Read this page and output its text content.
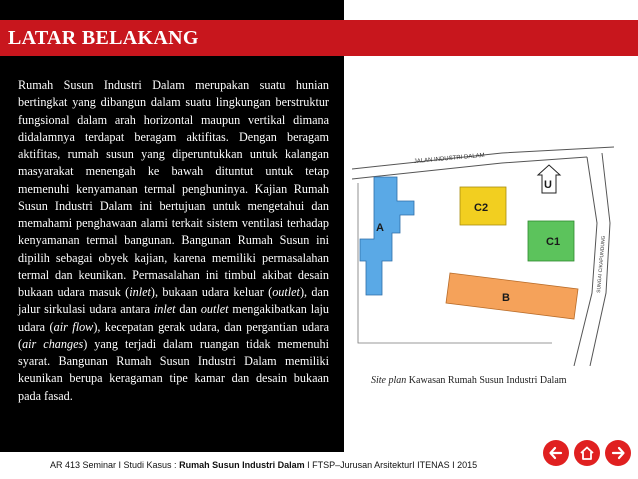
LATAR BELAKANG
Rumah Susun Industri Dalam merupakan suatu hunian bertingkat yang dibangun dalam suatu lingkungan berstruktur fungsional dalam arah horizontal maupun vertikal dimana didalamnya terdapat beragam aktifitas. Dengan beragam aktifitas, rumah susun yang diperuntukkan untuk kalangan masyarakat menengah ke bawah dituntut untuk tetap memenuhi kenyamanan termal penghuninya. Kajian Rumah Susun Industri Dalam ini bertujuan untuk mengetahui dan memahami penghawaan alami terkait sistem ventilasi terhadap kenyamanan termal bangunan. Bangunan Rumah Susun ini dipilih sebagai obyek kajian, karena memiliki permasalahan termal dan keunikan. Permasalahan ini timbul akibat desain bukaan udara masuk (inlet), bukaan udara keluar (outlet), dan jalur sirkulasi udara antara inlet dan outlet mengakibatkan laju udara (air flow), kecepatan gerak udara, dan pergantian udara (air changes) yang terjadi dalam ruangan tidak memenuhi syarat. Bangunan Rumah Susun Industri Dalam memiliki keunikan berupa keragaman tipe kamar dan desain bukaan pada fasad.
JALAN INDUSTRI DALAM
SUNGAI CIKAPUNDUNG
A
C2
C1
B
U
Site plan Kawasan Rumah Susun Industri Dalam
AR 413 Seminar I Studi Kasus : Rumah Susun Industri Dalam I FTSP–Jurusan ArsitekturI ITENAS I 2015
